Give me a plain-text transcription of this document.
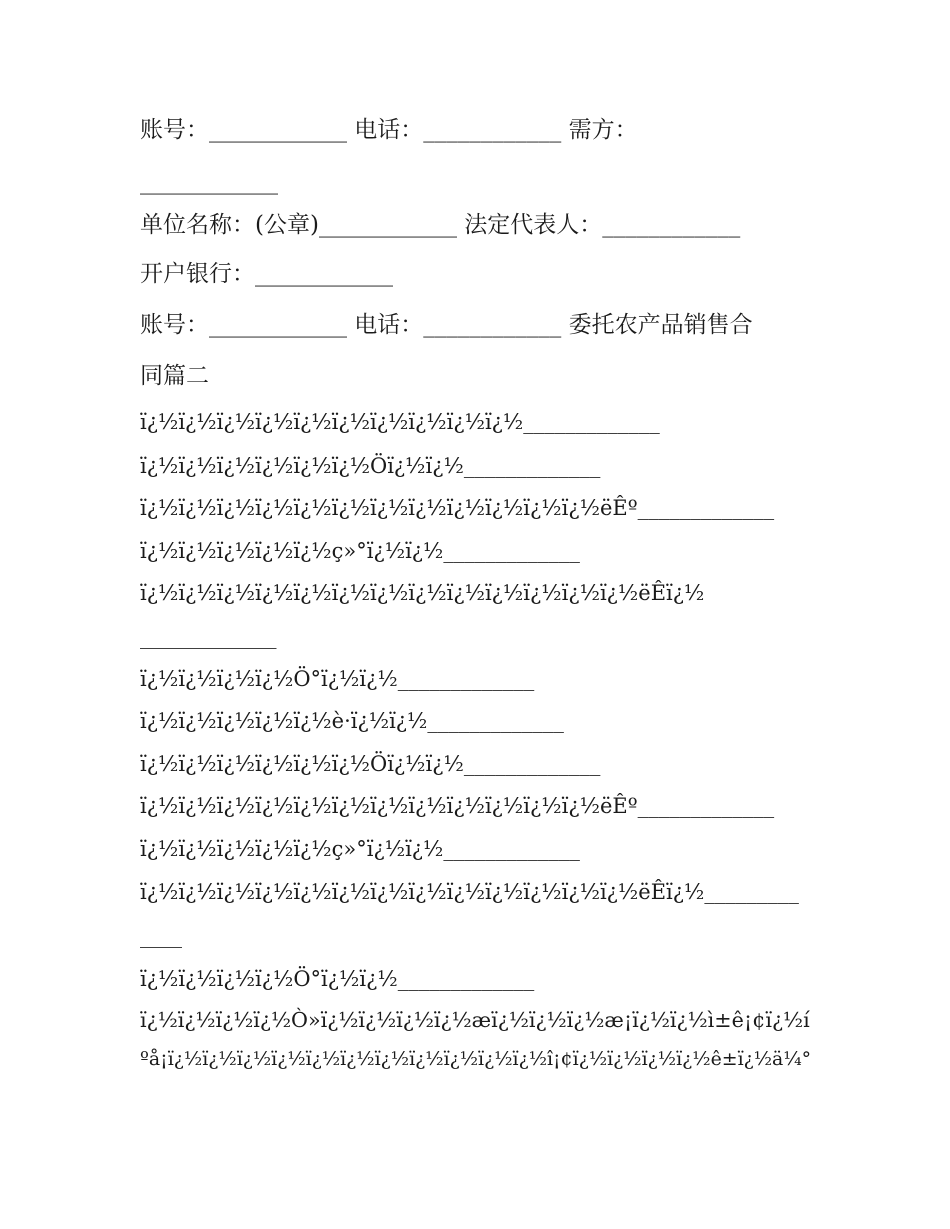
账号：____________ 电话：____________ 需方：
____________
单位名称：(公章)____________ 法定代表人：____________
开户银行：____________
账号：____________ 电话：____________ 委托农产品销售合
同篇二
ï¿½ï¿½ï¿½ï¿½ï¿½ï¿½ï¿½ï¿½ï¿½ï¿½_____________
ï¿½ï¿½ï¿½ï¿½ï¿½ï¿½Öï¿½ï¿½_____________
ï¿½ï¿½ï¿½ï¿½ï¿½ï¿½ï¿½ï¿½ï¿½ï¿½ï¿½ï¿½ëÊº_____________
ï¿½ï¿½ï¿½ï¿½ï¿½ç»°ï¿½ï¿½_____________
ï¿½ï¿½ï¿½ï¿½ï¿½ï¿½ï¿½ï¿½ï¿½ï¿½ï¿½ï¿½ï¿½ëÊï¿½
_____________
ï¿½ï¿½ï¿½ï¿½Ö°ï¿½ï¿½_____________
ï¿½ï¿½ï¿½ï¿½ï¿½è·ï¿½ï¿½_____________
ï¿½ï¿½ï¿½ï¿½ï¿½ï¿½Öï¿½ï¿½_____________
ï¿½ï¿½ï¿½ï¿½ï¿½ï¿½ï¿½ï¿½ï¿½ï¿½ï¿½ï¿½ëÊº_____________
ï¿½ï¿½ï¿½ï¿½ï¿½ç»°ï¿½ï¿½_____________
ï¿½ï¿½ï¿½ï¿½ï¿½ï¿½ï¿½ï¿½ï¿½ï¿½ï¿½ï¿½ï¿½ëÊï¿½_________
____
ï¿½ï¿½ï¿½ï¿½Ö°ï¿½ï¿½_____________
ï¿½ï¿½ï¿½ï¿½Ò»ï¿½ï¿½ï¿½ï¿½æï¿½ï¿½ï¿½æ¡ï¿½ï¿½ì±ê¡¢ï¿½í
ºå¡ï¿½ï¿½ï¿½ï¿½ï¿½ï¿½ï¿½ï¿½ï¿½ï¿½ï¿½î¡¢ï¿½ï¿½ï¿½ï¿½ê±ï¿½ä¼°
